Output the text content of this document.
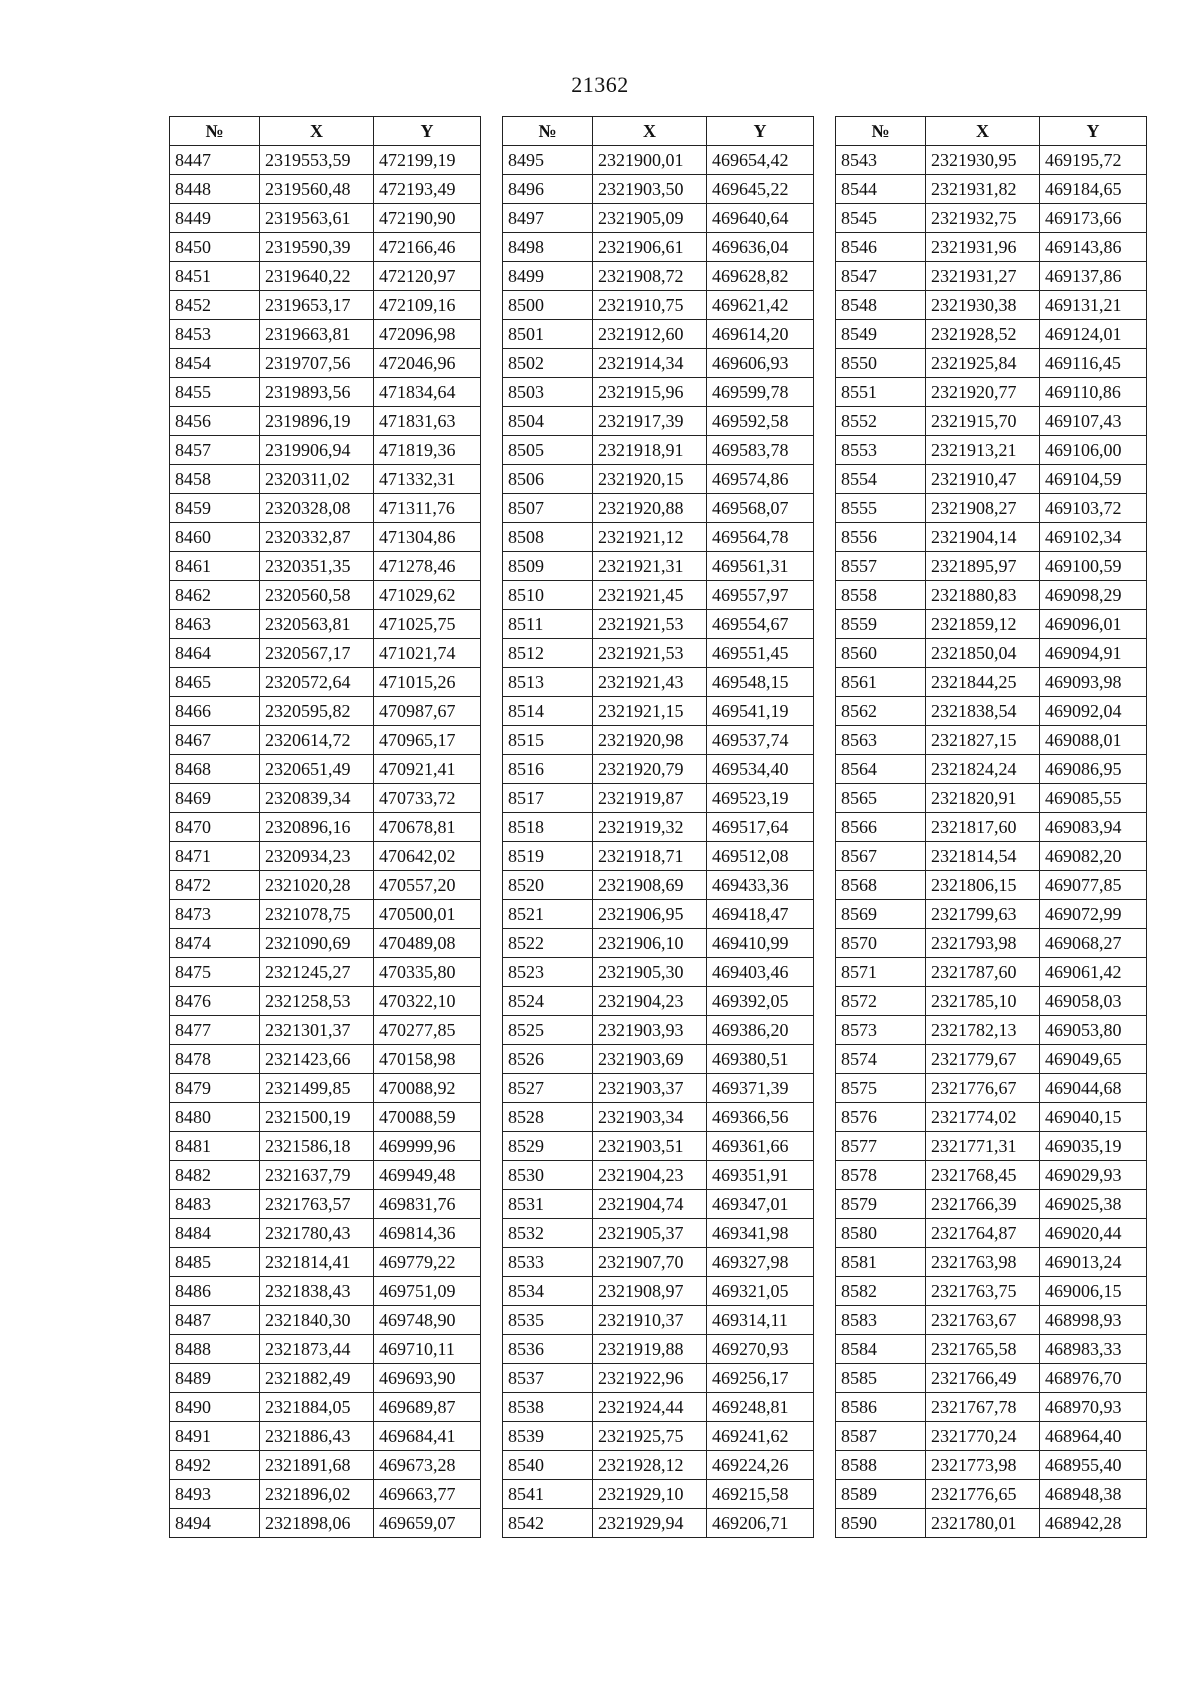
21362
№	X	Y
8447	2319553,59	472199,19
8448	2319560,48	472193,49
8449	2319563,61	472190,90
8450	2319590,39	472166,46
8451	2319640,22	472120,97
8452	2319653,17	472109,16
8453	2319663,81	472096,98
8454	2319707,56	472046,96
8455	2319893,56	471834,64
8456	2319896,19	471831,63
8457	2319906,94	471819,36
8458	2320311,02	471332,31
8459	2320328,08	471311,76
8460	2320332,87	471304,86
8461	2320351,35	471278,46
8462	2320560,58	471029,62
8463	2320563,81	471025,75
8464	2320567,17	471021,74
8465	2320572,64	471015,26
8466	2320595,82	470987,67
8467	2320614,72	470965,17
8468	2320651,49	470921,41
8469	2320839,34	470733,72
8470	2320896,16	470678,81
8471	2320934,23	470642,02
8472	2321020,28	470557,20
8473	2321078,75	470500,01
8474	2321090,69	470489,08
8475	2321245,27	470335,80
8476	2321258,53	470322,10
8477	2321301,37	470277,85
8478	2321423,66	470158,98
8479	2321499,85	470088,92
8480	2321500,19	470088,59
8481	2321586,18	469999,96
8482	2321637,79	469949,48
8483	2321763,57	469831,76
8484	2321780,43	469814,36
8485	2321814,41	469779,22
8486	2321838,43	469751,09
8487	2321840,30	469748,90
8488	2321873,44	469710,11
8489	2321882,49	469693,90
8490	2321884,05	469689,87
8491	2321886,43	469684,41
8492	2321891,68	469673,28
8493	2321896,02	469663,77
8494	2321898,06	469659,07
№	X	Y
8495	2321900,01	469654,42
8496	2321903,50	469645,22
8497	2321905,09	469640,64
8498	2321906,61	469636,04
8499	2321908,72	469628,82
8500	2321910,75	469621,42
8501	2321912,60	469614,20
8502	2321914,34	469606,93
8503	2321915,96	469599,78
8504	2321917,39	469592,58
8505	2321918,91	469583,78
8506	2321920,15	469574,86
8507	2321920,88	469568,07
8508	2321921,12	469564,78
8509	2321921,31	469561,31
8510	2321921,45	469557,97
8511	2321921,53	469554,67
8512	2321921,53	469551,45
8513	2321921,43	469548,15
8514	2321921,15	469541,19
8515	2321920,98	469537,74
8516	2321920,79	469534,40
8517	2321919,87	469523,19
8518	2321919,32	469517,64
8519	2321918,71	469512,08
8520	2321908,69	469433,36
8521	2321906,95	469418,47
8522	2321906,10	469410,99
8523	2321905,30	469403,46
8524	2321904,23	469392,05
8525	2321903,93	469386,20
8526	2321903,69	469380,51
8527	2321903,37	469371,39
8528	2321903,34	469366,56
8529	2321903,51	469361,66
8530	2321904,23	469351,91
8531	2321904,74	469347,01
8532	2321905,37	469341,98
8533	2321907,70	469327,98
8534	2321908,97	469321,05
8535	2321910,37	469314,11
8536	2321919,88	469270,93
8537	2321922,96	469256,17
8538	2321924,44	469248,81
8539	2321925,75	469241,62
8540	2321928,12	469224,26
8541	2321929,10	469215,58
8542	2321929,94	469206,71
№	X	Y
8543	2321930,95	469195,72
8544	2321931,82	469184,65
8545	2321932,75	469173,66
8546	2321931,96	469143,86
8547	2321931,27	469137,86
8548	2321930,38	469131,21
8549	2321928,52	469124,01
8550	2321925,84	469116,45
8551	2321920,77	469110,86
8552	2321915,70	469107,43
8553	2321913,21	469106,00
8554	2321910,47	469104,59
8555	2321908,27	469103,72
8556	2321904,14	469102,34
8557	2321895,97	469100,59
8558	2321880,83	469098,29
8559	2321859,12	469096,01
8560	2321850,04	469094,91
8561	2321844,25	469093,98
8562	2321838,54	469092,04
8563	2321827,15	469088,01
8564	2321824,24	469086,95
8565	2321820,91	469085,55
8566	2321817,60	469083,94
8567	2321814,54	469082,20
8568	2321806,15	469077,85
8569	2321799,63	469072,99
8570	2321793,98	469068,27
8571	2321787,60	469061,42
8572	2321785,10	469058,03
8573	2321782,13	469053,80
8574	2321779,67	469049,65
8575	2321776,67	469044,68
8576	2321774,02	469040,15
8577	2321771,31	469035,19
8578	2321768,45	469029,93
8579	2321766,39	469025,38
8580	2321764,87	469020,44
8581	2321763,98	469013,24
8582	2321763,75	469006,15
8583	2321763,67	468998,93
8584	2321765,58	468983,33
8585	2321766,49	468976,70
8586	2321767,78	468970,93
8587	2321770,24	468964,40
8588	2321773,98	468955,40
8589	2321776,65	468948,38
8590	2321780,01	468942,28
